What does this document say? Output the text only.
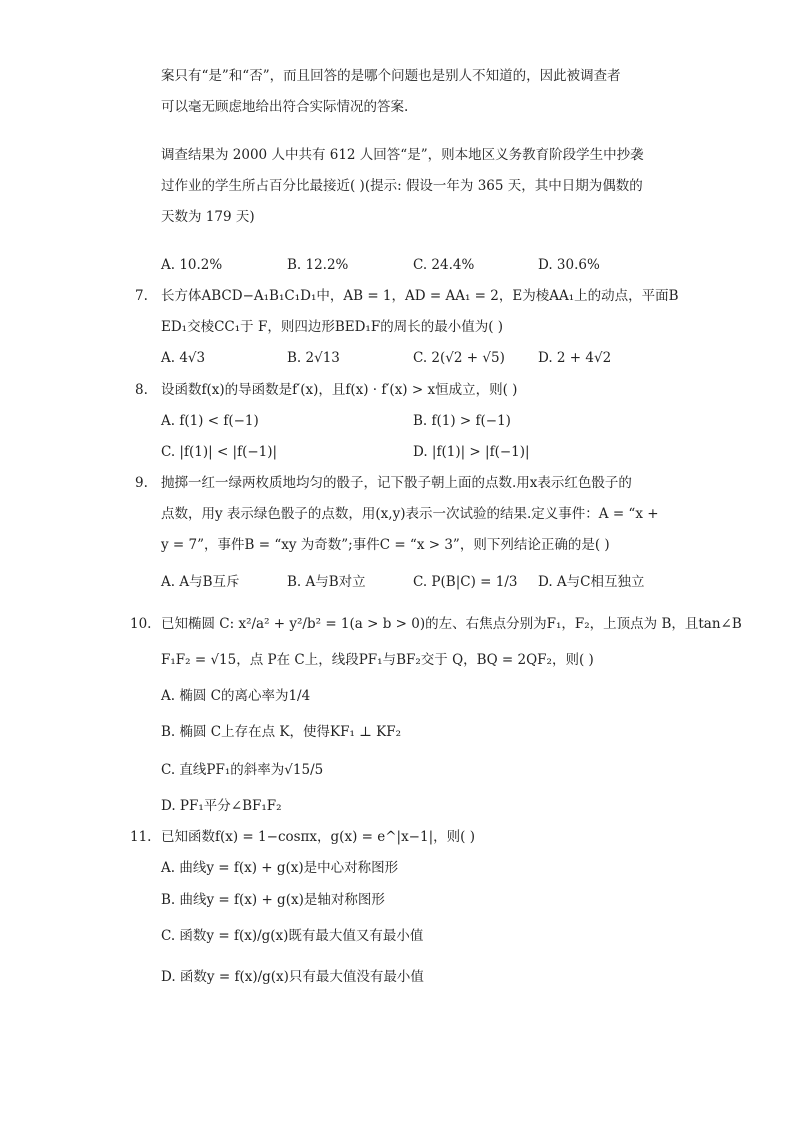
案只有“是”和“否”，而且回答的是哪个问题也是别人不知道的，因此被调查者
可以毫无顾虑地给出符合实际情况的答案.
调查结果为 2000 人中共有 612 人回答“是”，则本地区义务教育阶段学生中抄袭
过作业的学生所占百分比最接近( )(提示: 假设一年为 365 天，其中日期为偶数的
天数为 179 天)
A. 10.2%	B. 12.2%	C. 24.4%	D. 30.6%
7. 长方体ABCD−A₁B₁C₁D₁中，AB = 1，AD = AA₁ = 2，E为棱AA₁上的动点，平面B
ED₁交棱CC₁于 F，则四边形BED₁F的周长的最小值为( )
A. 4√3	B. 2√13	C. 2(√2 + √5) D. 2 + 4√2
8. 设函数f(x)的导函数是f′(x)，且f(x) · f′(x) > x恒成立，则( )
A. f(1) < f(−1)	B. f(1) > f(−1)
C. |f(1)| < |f(−1)|	D. |f(1)| > |f(−1)|
9. 抛掷一红一绿两枚质地均匀的骰子，记下骰子朝上面的点数.用x表示红色骰子的
点数，用y 表示绿色骰子的点数，用(x,y)表示一次试验的结果.定义事件：A = “x +
y = 7”，事件B = “xy 为奇数”;事件C = “x > 3”，则下列结论正确的是( )
A. A与B互斥	B. A与B对立	C. P(B|C) = 1/3 D. A与C相互独立
10. 已知椭圆 C: x²/a² + y²/b² = 1(a > b > 0)的左、右焦点分别为F₁，F₂，上顶点为 B，且tan∠B
F₁F₂ = √15，点 P在 C上，线段PF₁与BF₂交于 Q，BQ = 2QF₂，则( )
A. 椭圆 C的离心率为1/4
B. 椭圆 C上存在点 K，使得KF₁ ⊥ KF₂
C. 直线PF₁的斜率为√15/5
D. PF₁平分∠BF₁F₂
11. 已知函数f(x) = 1−cosπx，g(x) = e^|x−1|，则( )
A. 曲线y = f(x) + g(x)是中心对称图形
B. 曲线y = f(x) + g(x)是轴对称图形
C. 函数y = f(x)/g(x)既有最大值又有最小值
D. 函数y = f(x)/g(x)只有最大值没有最小值
